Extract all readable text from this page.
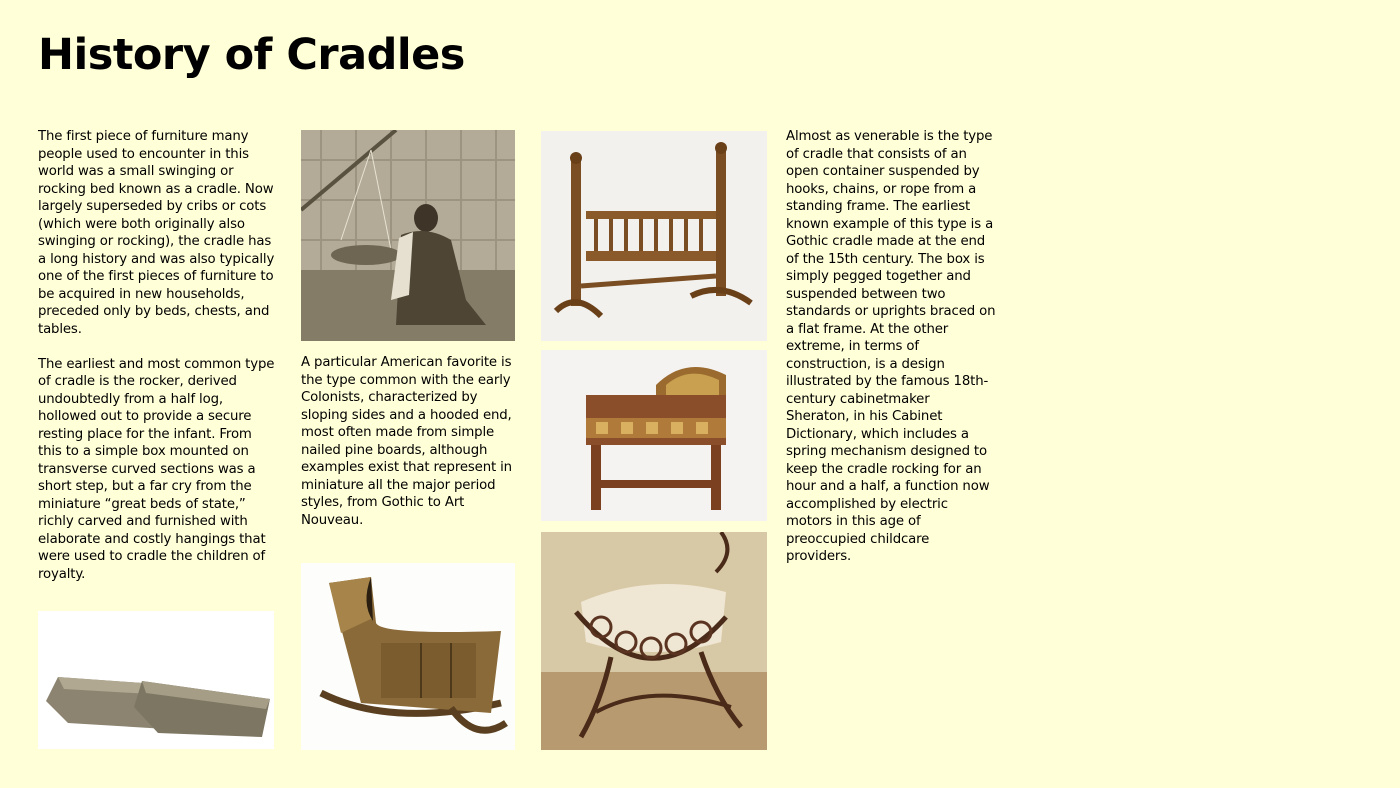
History of Cradles

The first piece of furniture many people used to encounter in this world was a small swinging or rocking bed known as a cradle. Now largely superseded by cribs or cots (which were both originally also swinging or rocking), the cradle has a long history and was also typically one of the first pieces of furniture to be acquired in new households, preceded only by beds, chests, and tables.

The earliest and most common type of cradle is the rocker, derived undoubtedly from a half log, hollowed out to provide a secure resting place for the infant. From this to a simple box mounted on transverse curved sections was a short step, but a far cry from the miniature “great beds of state,” richly carved and furnished with elaborate and costly hangings that were used to cradle the children of royalty.

A particular American favorite is the type common with the early Colonists, characterized by sloping sides and a hooded end, most often made from simple nailed pine boards, although examples exist that represent in miniature all the major period styles, from Gothic to Art Nouveau.

Almost as venerable is the type of cradle that consists of an open container suspended by hooks, chains, or rope from a standing frame. The earliest known example of this type is a Gothic cradle made at the end of the 15th century. The box is simply pegged together and suspended between two standards or uprights braced on a flat frame. At the other extreme, in terms of construction, is a design illustrated by the famous 18th-century cabinetmaker Sheraton, in his Cabinet Dictionary, which includes a spring mechanism designed to keep the cradle rocking for an hour and a half, a function now accomplished by electric motors in this age of preoccupied childcare providers.
